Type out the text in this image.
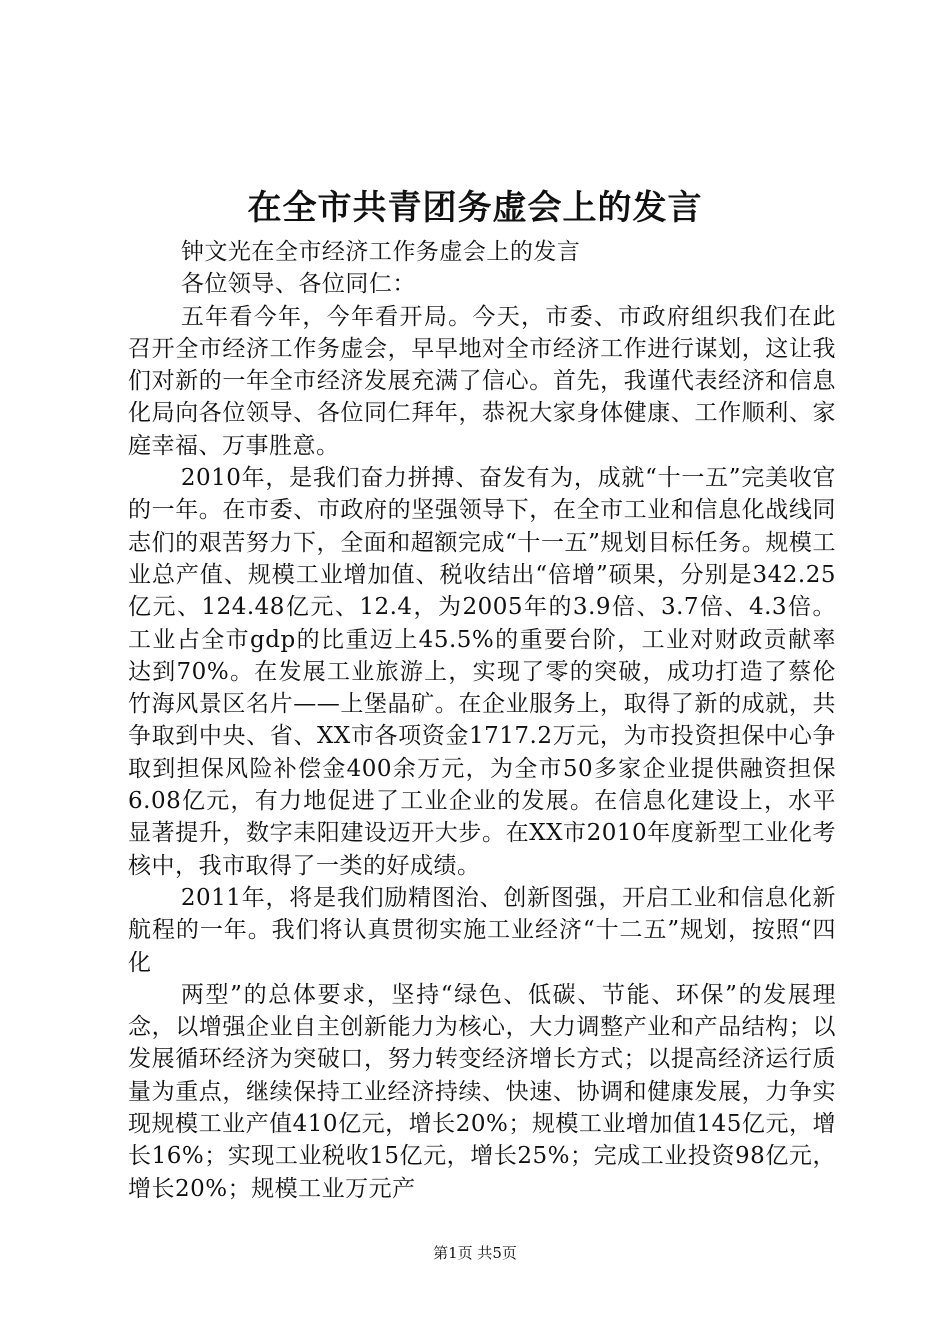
在全市共青团务虚会上的发言

钟文光在全市经济工作务虚会上的发言

各位领导、各位同仁：

五年看今年，今年看开局。今天，市委、市政府组织我们在此召开全市经济工作务虚会，早早地对全市经济工作进行谋划，这让我们对新的一年全市经济发展充满了信心。首先，我谨代表经济和信息化局向各位领导、各位同仁拜年，恭祝大家身体健康、工作顺利、家庭幸福、万事胜意。

2010年，是我们奋力拼搏、奋发有为，成就“十一五”完美收官的一年。在市委、市政府的坚强领导下，在全市工业和信息化战线同志们的艰苦努力下，全面和超额完成“十一五”规划目标任务。规模工业总产值、规模工业增加值、税收结出“倍增”硕果，分别是342.25亿元、124.48亿元、12.4，为2005年的3.9倍、3.7倍、4.3倍。工业占全市gdp的比重迈上45.5%的重要台阶，工业对财政贡献率达到70%。在发展工业旅游上，实现了零的突破，成功打造了蔡伦竹海风景区名片——上堡晶矿。在企业服务上，取得了新的成就，共争取到中央、省、XX市各项资金1717.2万元，为市投资担保中心争取到担保风险补偿金400余万元，为全市50多家企业提供融资担保6.08亿元，有力地促进了工业企业的发展。在信息化建设上，水平显著提升，数字耒阳建设迈开大步。在XX市2010年度新型工业化考核中，我市取得了一类的好成绩。

2011年，将是我们励精图治、创新图强，开启工业和信息化新航程的一年。我们将认真贯彻实施工业经济“十二五”规划，按照“四化

两型”的总体要求，坚持“绿色、低碳、节能、环保”的发展理念，以增强企业自主创新能力为核心，大力调整产业和产品结构；以发展循环经济为突破口，努力转变经济增长方式；以提高经济运行质量为重点，继续保持工业经济持续、快速、协调和健康发展，力争实现规模工业产值410亿元，增长20%；规模工业增加值145亿元，增长16%；实现工业税收15亿元，增长25%；完成工业投资98亿元，增长20%；规模工业万元产

第1页 共5页
